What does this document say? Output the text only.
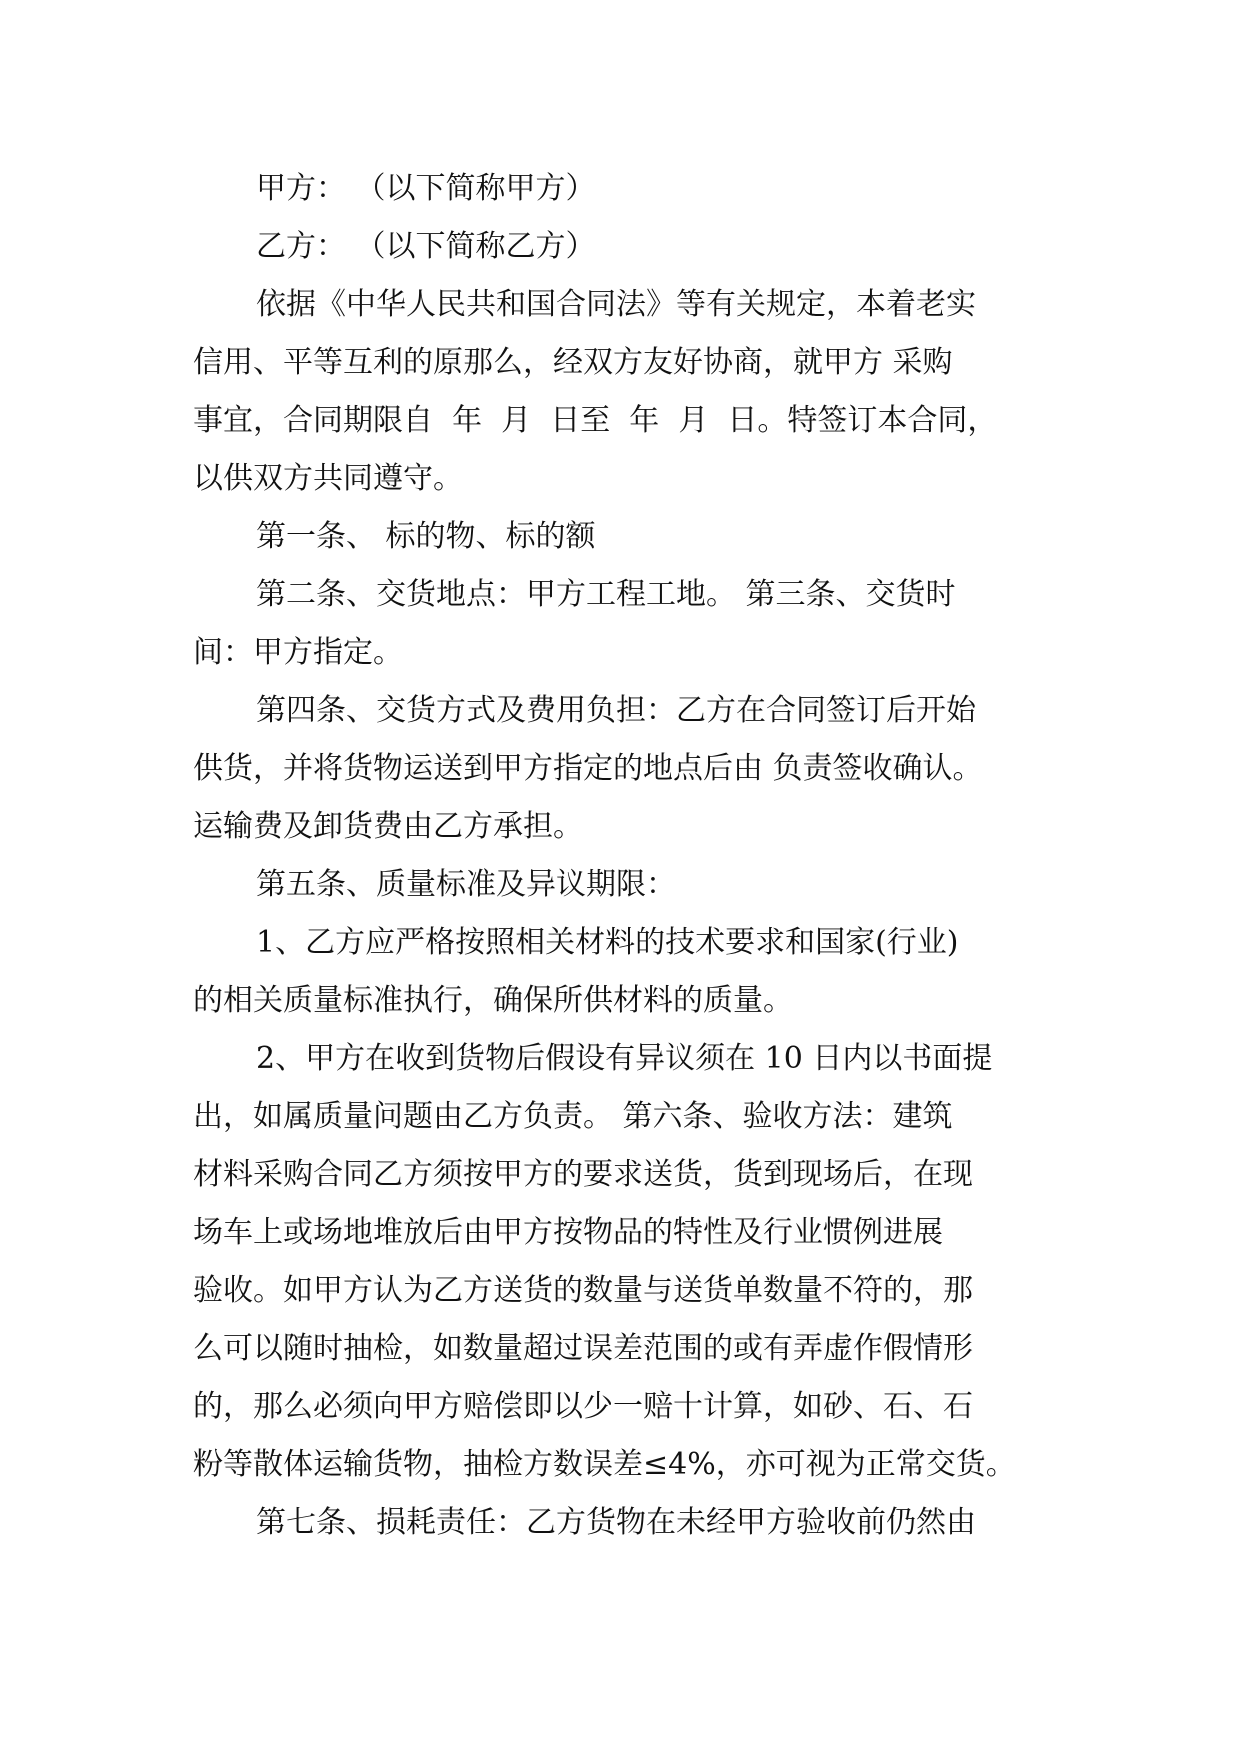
甲方： （以下简称甲方）
乙方： （以下简称乙方）
依据《中华人民共和国合同法》等有关规定，本着老实
信用、平等互利的原那么，经双方友好协商，就甲方 采购
事宜，合同期限自  年  月  日至  年  月  日。特签订本合同，
以供双方共同遵守。
第一条、 标的物、标的额
第二条、交货地点：甲方工程工地。 第三条、交货时
间：甲方指定。
第四条、交货方式及费用负担：乙方在合同签订后开始
供货，并将货物运送到甲方指定的地点后由 负责签收确认。
运输费及卸货费由乙方承担。
第五条、质量标准及异议期限：
1、乙方应严格按照相关材料的技术要求和国家(行业)
的相关质量标准执行，确保所供材料的质量。
2、甲方在收到货物后假设有异议须在 10 日内以书面提
出，如属质量问题由乙方负责。 第六条、验收方法：建筑
材料采购合同乙方须按甲方的要求送货，货到现场后，在现
场车上或场地堆放后由甲方按物品的特性及行业惯例进展
验收。如甲方认为乙方送货的数量与送货单数量不符的，那
么可以随时抽检，如数量超过误差范围的或有弄虚作假情形
的，那么必须向甲方赔偿即以少一赔十计算，如砂、石、石
粉等散体运输货物，抽检方数误差≤4%，亦可视为正常交货。
第七条、损耗责任：乙方货物在未经甲方验收前仍然由
